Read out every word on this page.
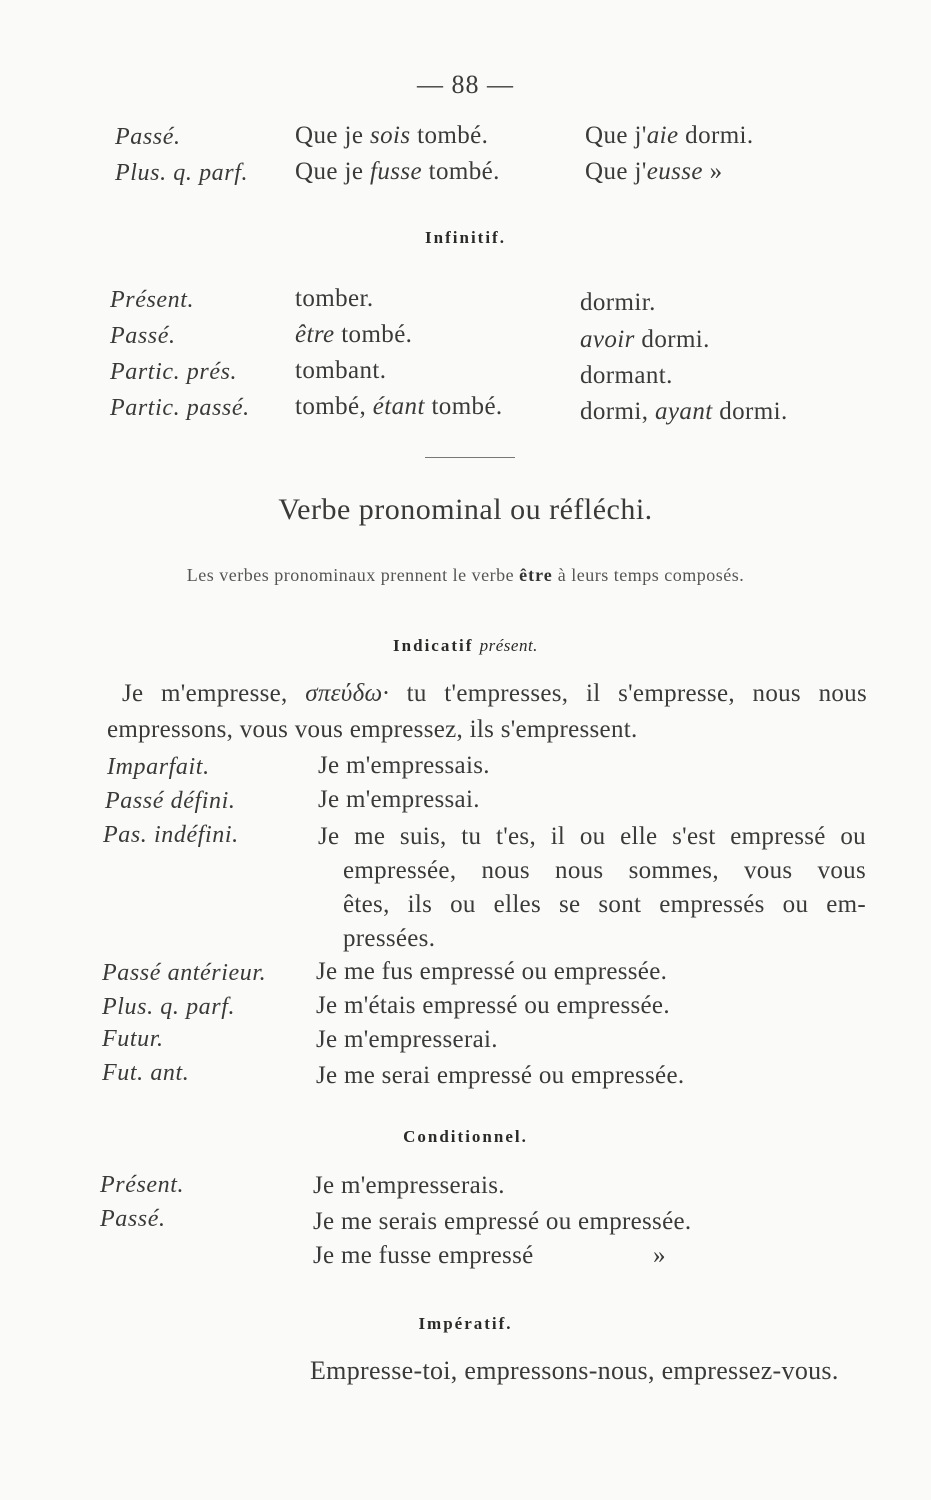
— 88 —
Passé.	Que je sois tombé.	Que j'aie dormi.
Plus. q. parf. Que je fusse tombé.	Que j'eusse »
Infinitif.
Présent.	tomber.	dormir.
Passé.	être tombé.	avoir dormi.
Partic. prés. tombant.	dormant.
Partic. passé. tombé, étant tombé.	dormi, ayant dormi.
Verbe pronominal ou réfléchi.
Les verbes pronominaux prennent le verbe être à leurs temps composés.
Indicatif présent.
Je m'empresse, σπεύδω· tu t'empresses, il s'empresse, nous nous
empressons, vous vous empressez, ils s'empressent.
Imparfait.	Je m'empressais.
Passé défini.	Je m'empressai.
Pas. indéfini.	Je me suis, tu t'es, il ou elle s'est empressé ou
empressée, nous nous sommes, vous vous
êtes, ils ou elles se sont empressés ou em-
pressées.
Passé antérieur. Je me fus empressé ou empressée.
Plus. q. parf.	Je m'étais empressé ou empressée.
Futur.	Je m'empresserai.
Fut. ant.	Je me serai empressé ou empressée.
Conditionnel.
Présent.	Je m'empresserais.
Passé.	Je me serais empressé ou empressée.
Je me fusse empressé	»
Impératif.
Empresse-toi, empressons-nous, empressez-vous.
